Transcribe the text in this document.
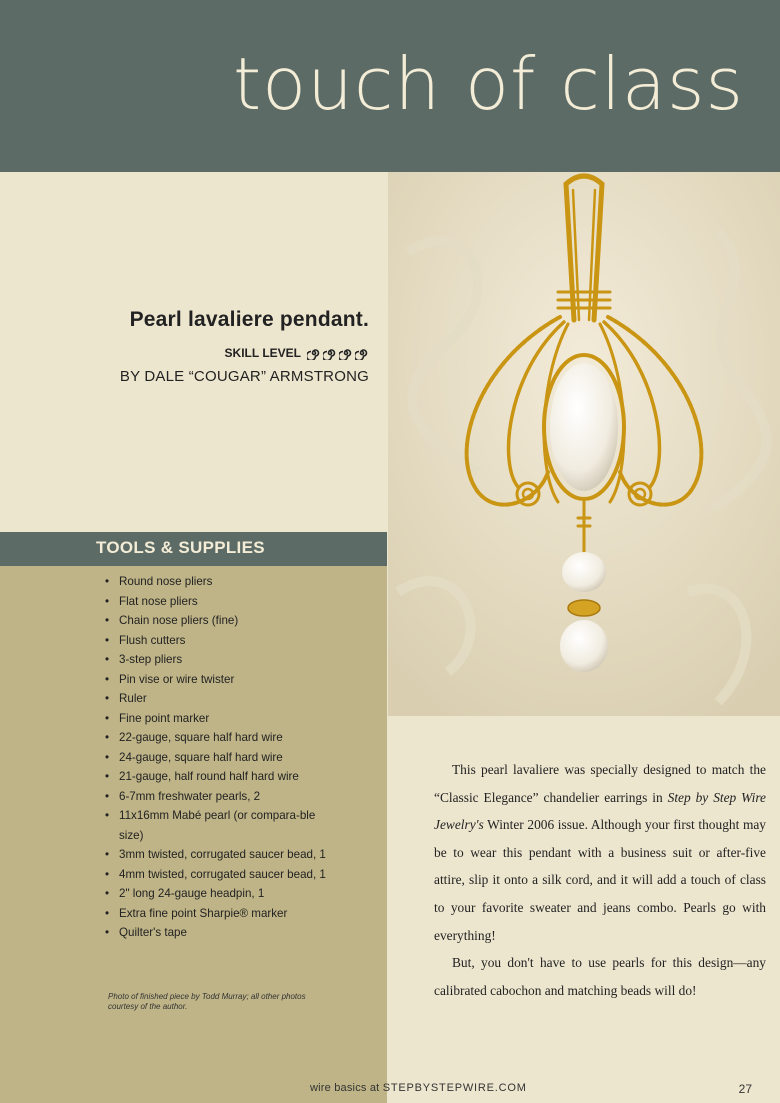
touch of class
Pearl lavaliere pendant.
SKILL LEVEL
BY DALE “COUGAR” ARMSTRONG
TOOLS & SUPPLIES
• Round nose pliers
• Flat nose pliers
• Chain nose pliers (fine)
• Flush cutters
• 3-step pliers
• Pin vise or wire twister
• Ruler
• Fine point marker
• 22-gauge, square half hard wire
• 24-gauge, square half hard wire
• 21-gauge, half round half hard wire
• 6-7mm freshwater pearls, 2
• 11x16mm Mabé pearl (or compara-ble size)
• 3mm twisted, corrugated saucer bead, 1
• 4mm twisted, corrugated saucer bead, 1
• 2" long 24-gauge headpin, 1
• Extra fine point Sharpie® marker
• Quilter's tape
Photo of finished piece by Todd Murray; all other photos courtesy of the author.

This pearl lavaliere was specially designed to match the “Classic Elegance” chandelier earrings in Step by Step Wire Jewelry's Winter 2006 issue. Although your first thought may be to wear this pendant with a business suit or after-five attire, slip it onto a silk cord, and it will add a touch of class to your favorite sweater and jeans combo. Pearls go with everything!

But, you don't have to use pearls for this design—any calibrated cabochon and matching beads will do!

wire basics at STEPBYSTEPWIRE.COM	27
